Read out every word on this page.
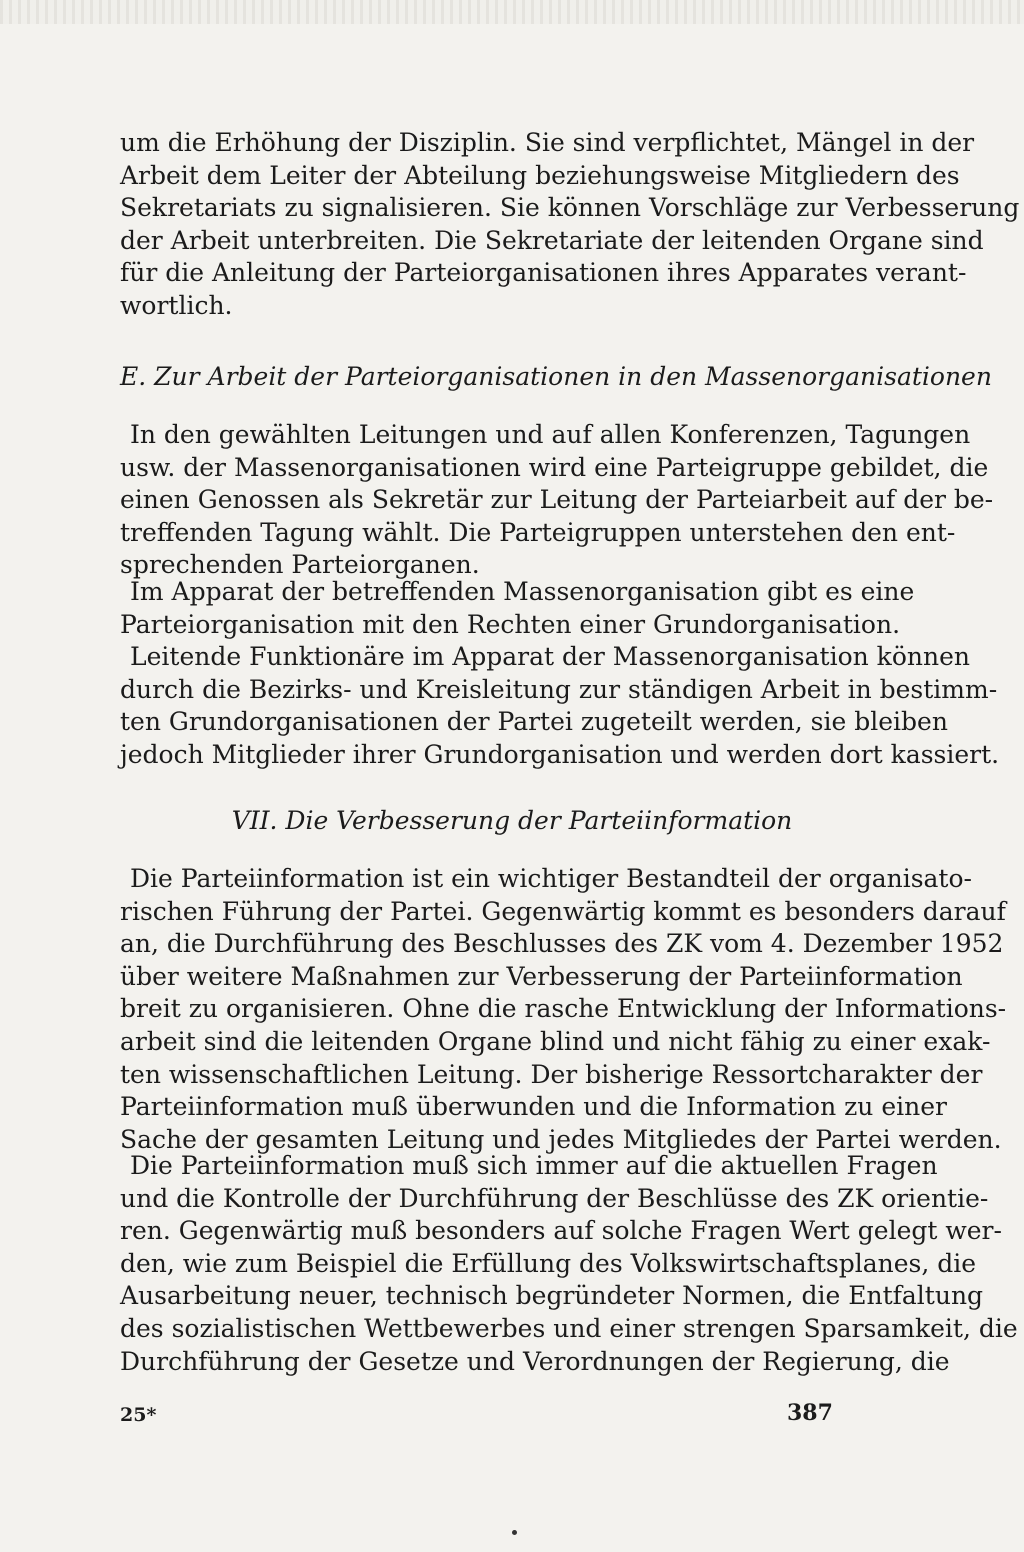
um die Erhöhung der Disziplin. Sie sind verpflichtet, Mängel in der
Arbeit dem Leiter der Abteilung beziehungsweise Mitgliedern des
Sekretariats zu signalisieren. Sie können Vorschläge zur Verbesserung
der Arbeit unterbreiten. Die Sekretariate der leitenden Organe sind
für die Anleitung der Parteiorganisationen ihres Apparates verant-
wortlich.
E. Zur Arbeit der Parteiorganisationen in den Massenorganisationen
In den gewählten Leitungen und auf allen Konferenzen, Tagungen
usw. der Massenorganisationen wird eine Parteigruppe gebildet, die
einen Genossen als Sekretär zur Leitung der Parteiarbeit auf der be-
treffenden Tagung wählt. Die Parteigruppen unterstehen den ent-
sprechenden Parteiorganen.
Im Apparat der betreffenden Massenorganisation gibt es eine
Parteiorganisation mit den Rechten einer Grundorganisation.
Leitende Funktionäre im Apparat der Massenorganisation können
durch die Bezirks- und Kreisleitung zur ständigen Arbeit in bestimm-
ten Grundorganisationen der Partei zugeteilt werden, sie bleiben
jedoch Mitglieder ihrer Grundorganisation und werden dort kassiert.
VII. Die Verbesserung der Parteiinformation
Die Parteiinformation ist ein wichtiger Bestandteil der organisato-
rischen Führung der Partei. Gegenwärtig kommt es besonders darauf
an, die Durchführung des Beschlusses des ZK vom 4. Dezember 1952
über weitere Maßnahmen zur Verbesserung der Parteiinformation
breit zu organisieren. Ohne die rasche Entwicklung der Informations-
arbeit sind die leitenden Organe blind und nicht fähig zu einer exak-
ten wissenschaftlichen Leitung. Der bisherige Ressortcharakter der
Parteiinformation muß überwunden und die Information zu einer
Sache der gesamten Leitung und jedes Mitgliedes der Partei werden.
Die Parteiinformation muß sich immer auf die aktuellen Fragen
und die Kontrolle der Durchführung der Beschlüsse des ZK orientie-
ren. Gegenwärtig muß besonders auf solche Fragen Wert gelegt wer-
den, wie zum Beispiel die Erfüllung des Volkswirtschaftsplanes, die
Ausarbeitung neuer, technisch begründeter Normen, die Entfaltung
des sozialistischen Wettbewerbes und einer strengen Sparsamkeit, die
Durchführung der Gesetze und Verordnungen der Regierung, die
25*	387
